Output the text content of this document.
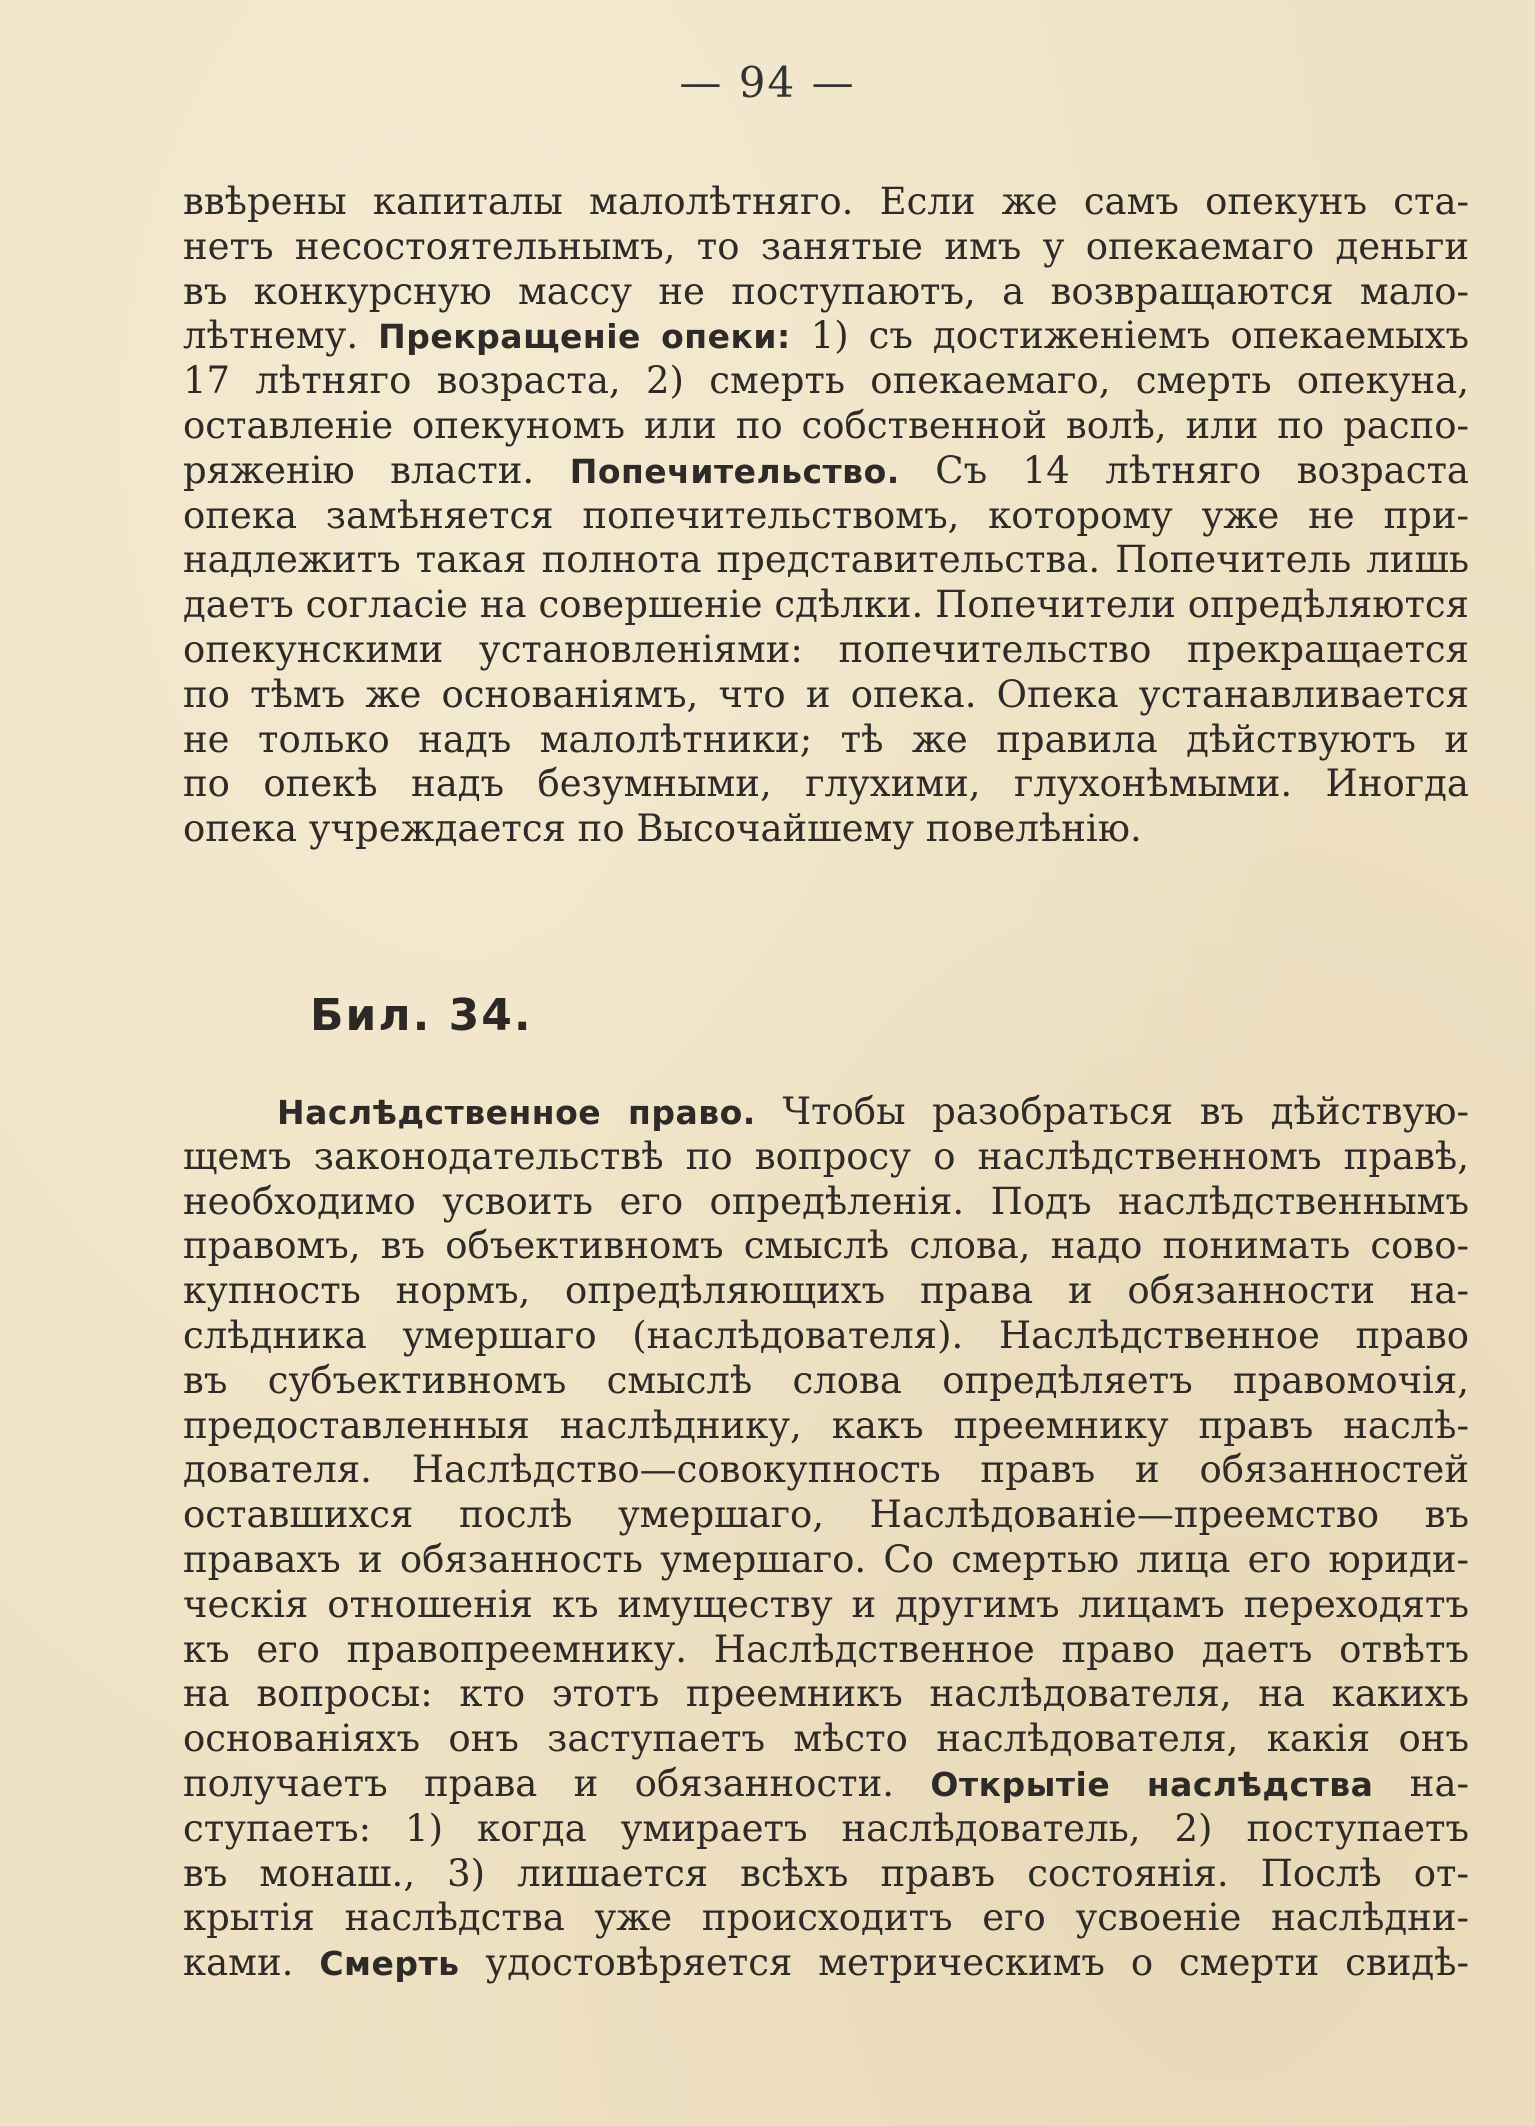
— 94 —
ввѣрены капиталы малолѣтняго. Если же самъ опекунъ ста-
нетъ несостоятельнымъ, то занятые имъ у опекаемаго деньги
въ конкурсную массу не поступаютъ, а возвращаются мало-
лѣтнему. Прекращеніе опеки: 1) съ достиженіемъ опекаемыхъ
17 лѣтняго возраста, 2) смерть опекаемаго, смерть опекуна,
оставленіе опекуномъ или по собственной волѣ, или по распо-
ряженію власти. Попечительство. Съ 14 лѣтняго возраста
опека замѣняется попечительствомъ, которому уже не при-
надлежитъ такая полнота представительства. Попечитель лишь
даетъ согласіе на совершеніе сдѣлки. Попечители опредѣляются
опекунскими установленіями: попечительство прекращается
по тѣмъ же основаніямъ, что и опека. Опека устанавливается
не только надъ малолѣтники; тѣ же правила дѣйствуютъ и
по опекѣ надъ безумными, глухими, глухонѣмыми. Иногда
опека учреждается по Высочайшему повелѣнію.
Бил. 34.
Наслѣдственное право. Чтобы разобраться въ дѣйствую-
щемъ законодательствѣ по вопросу о наслѣдственномъ правѣ,
необходимо усвоить его опредѣленія. Подъ наслѣдственнымъ
правомъ, въ объективномъ смыслѣ слова, надо понимать сово-
купность нормъ, опредѣляющихъ права и обязанности на-
слѣдника умершаго (наслѣдователя). Наслѣдственное право
въ субъективномъ смыслѣ слова опредѣляетъ правомочія,
предоставленныя наслѣднику, какъ преемнику правъ наслѣ-
дователя. Наслѣдство—совокупность правъ и обязанностей
оставшихся послѣ умершаго, Наслѣдованіе—преемство въ
правахъ и обязанность умершаго. Со смертью лица его юриди-
ческія отношенія къ имуществу и другимъ лицамъ переходятъ
къ его правопреемнику. Наслѣдственное право даетъ отвѣтъ
на вопросы: кто этотъ преемникъ наслѣдователя, на какихъ
основаніяхъ онъ заступаетъ мѣсто наслѣдователя, какія онъ
получаетъ права и обязанности. Открытіе наслѣдства на-
ступаетъ: 1) когда умираетъ наслѣдователь, 2) поступаетъ
въ монаш., 3) лишается всѣхъ правъ состоянія. Послѣ от-
крытія наслѣдства уже происходитъ его усвоеніе наслѣдни-
ками. Смерть удостовѣряется метрическимъ о смерти свидѣ-
